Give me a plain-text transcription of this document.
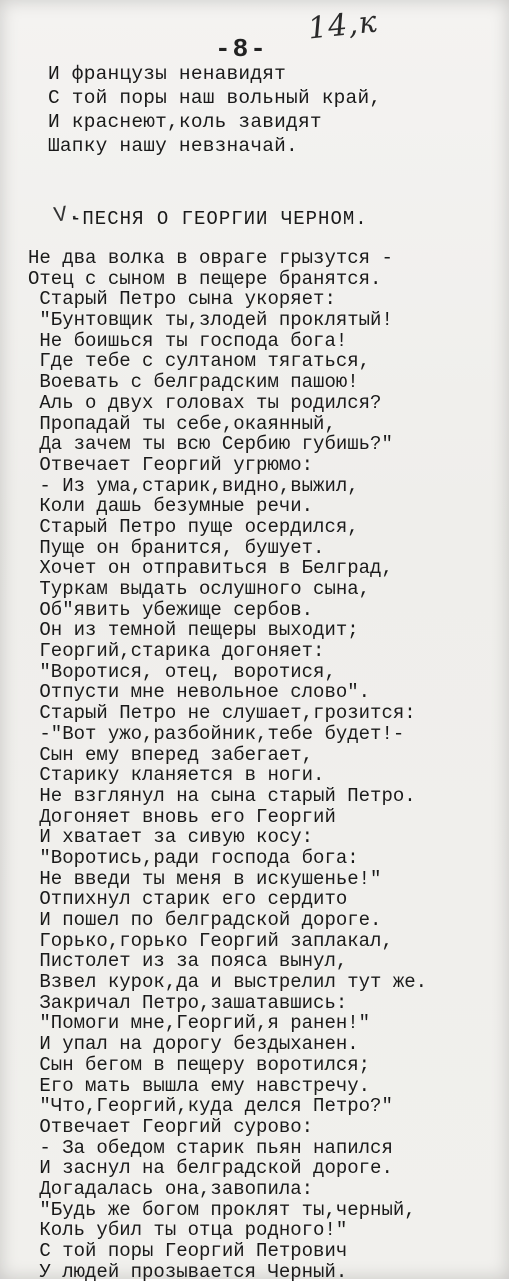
-8-
14,к
И французы ненавидят
С той поры наш вольный край,
И краснеют,коль завидят
Шапку нашу невзначай.
V.
-ПЕСНЯ О ГЕОРГИИ ЧЕРНОМ.
Не два волка в овраге грызутся -
Отец с сыном в пещере бранятся.
Старый Петро сына укоряет:
"Бунтовщик ты,злодей проклятый!
Не боишься ты господа бога!
Где тебе с султаном тягаться,
Воевать с белградским пашою!
Аль о двух головах ты родился?
Пропадай ты себе,окаянный,
Да зачем ты всю Сербию губишь?"
Отвечает Георгий угрюмо:
- Из ума,старик,видно,выжил,
Коли дашь безумные речи.
Старый Петро пуще осердился,
Пуще он бранится, бушует.
Хочет он отправиться в Белград,
Туркам выдать ослушного сына,
Об"явить убежище сербов.
Он из темной пещеры выходит;
Георгий,старика догоняет:
"Воротися, отец, воротися,
Отпусти мне невольное слово".
Старый Петро не слушает,грозится:
-"Вот ужо,разбойник,тебе будет!-
Сын ему вперед забегает,
Старику кланяется в ноги.
Не взглянул на сына старый Петро.
Догоняет вновь его Георгий
И хватает за сивую косу:
"Воротись,ради господа бога:
Не введи ты меня в искушенье!"
Отпихнул старик его сердито
И пошел по белградской дороге.
Горько,горько Георгий заплакал,
Пистолет из за пояса вынул,
Взвел курок,да и выстрелил тут же.
Закричал Петро,зашатавшись:
"Помоги мне,Георгий,я ранен!"
И упал на дорогу бездыханен.
Сын бегом в пещеру воротился;
Его мать вышла ему навстречу.
"Что,Георгий,куда делся Петро?"
Отвечает Георгий сурово:
- За обедом старик пьян напился
И заснул на белградской дороге.
Догадалась она,завопила:
"Будь же богом проклят ты,черный,
Коль убил ты отца родного!"
С той поры Георгий Петрович
У людей прозывается Черный.
